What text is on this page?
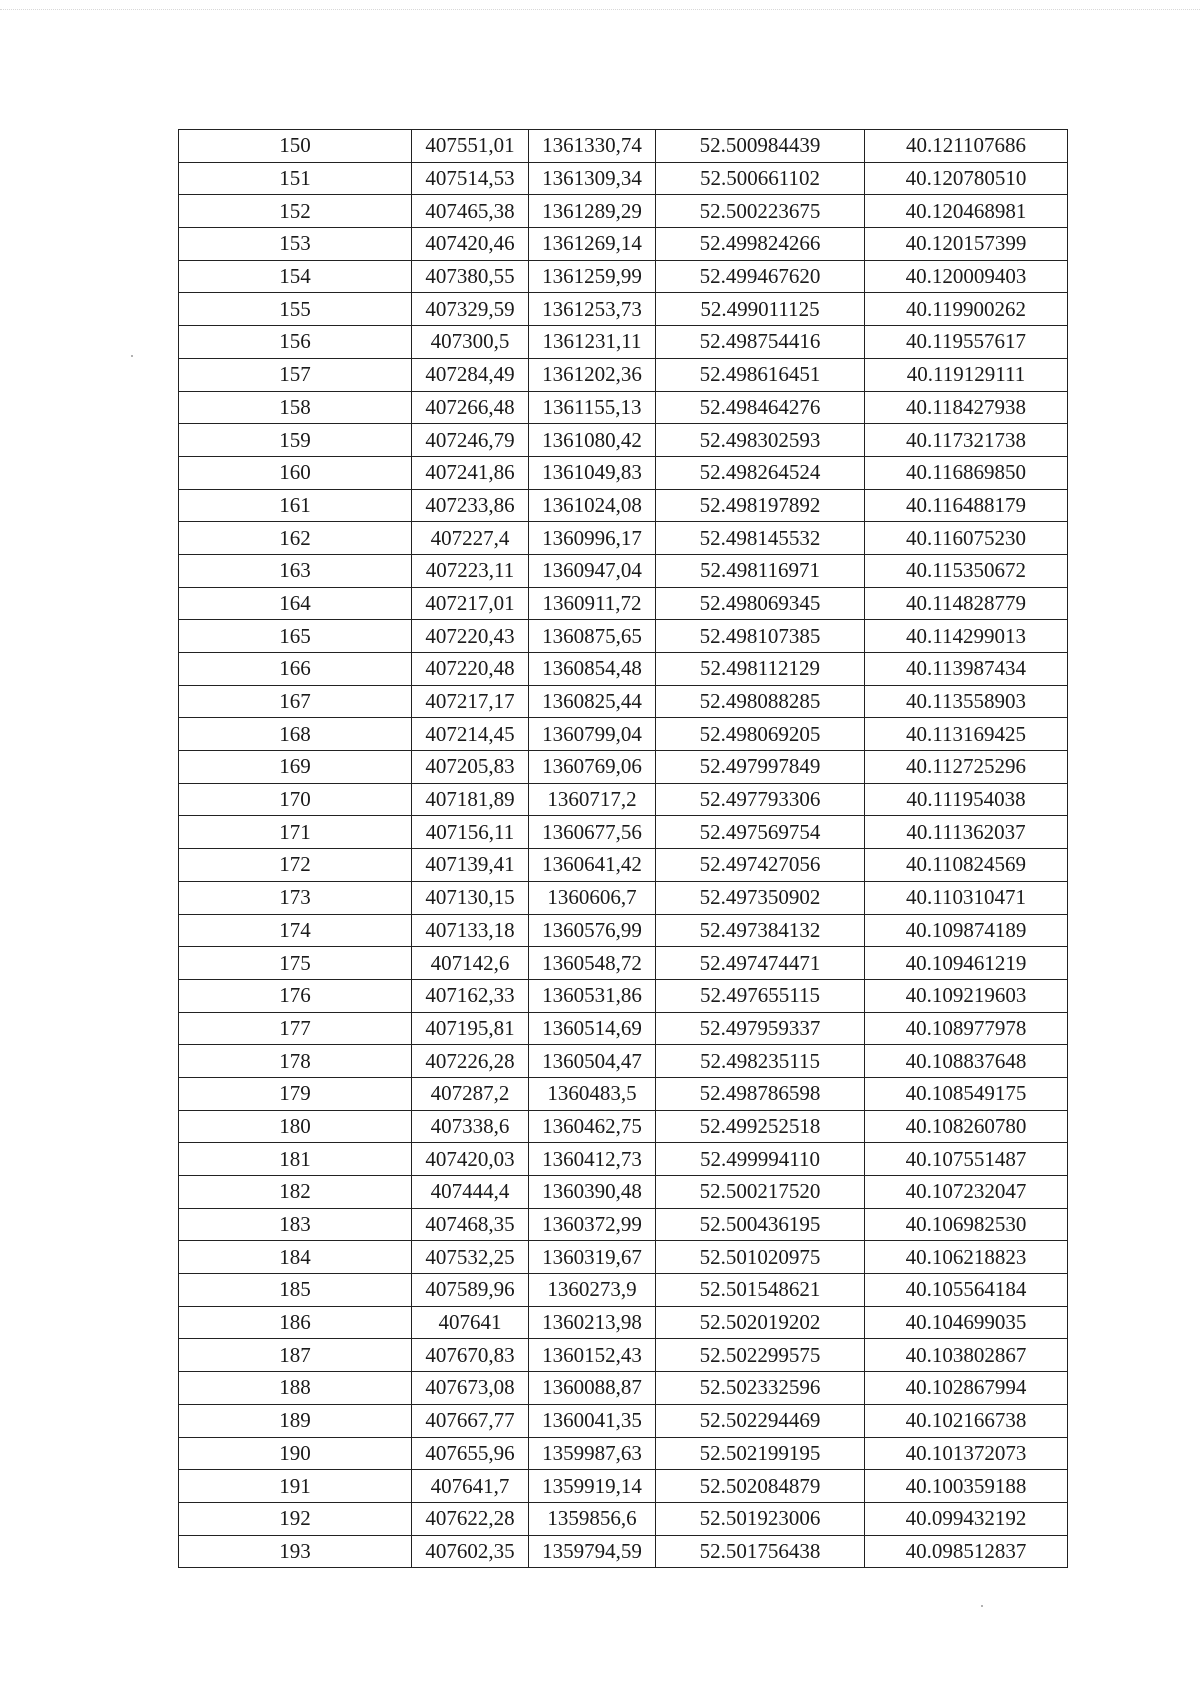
150	407551,01	1361330,74	52.500984439	40.121107686
151	407514,53	1361309,34	52.500661102	40.120780510
152	407465,38	1361289,29	52.500223675	40.120468981
153	407420,46	1361269,14	52.499824266	40.120157399
154	407380,55	1361259,99	52.499467620	40.120009403
155	407329,59	1361253,73	52.499011125	40.119900262
156	407300,5	1361231,11	52.498754416	40.119557617
157	407284,49	1361202,36	52.498616451	40.119129111
158	407266,48	1361155,13	52.498464276	40.118427938
159	407246,79	1361080,42	52.498302593	40.117321738
160	407241,86	1361049,83	52.498264524	40.116869850
161	407233,86	1361024,08	52.498197892	40.116488179
162	407227,4	1360996,17	52.498145532	40.116075230
163	407223,11	1360947,04	52.498116971	40.115350672
164	407217,01	1360911,72	52.498069345	40.114828779
165	407220,43	1360875,65	52.498107385	40.114299013
166	407220,48	1360854,48	52.498112129	40.113987434
167	407217,17	1360825,44	52.498088285	40.113558903
168	407214,45	1360799,04	52.498069205	40.113169425
169	407205,83	1360769,06	52.497997849	40.112725296
170	407181,89	1360717,2	52.497793306	40.111954038
171	407156,11	1360677,56	52.497569754	40.111362037
172	407139,41	1360641,42	52.497427056	40.110824569
173	407130,15	1360606,7	52.497350902	40.110310471
174	407133,18	1360576,99	52.497384132	40.109874189
175	407142,6	1360548,72	52.497474471	40.109461219
176	407162,33	1360531,86	52.497655115	40.109219603
177	407195,81	1360514,69	52.497959337	40.108977978
178	407226,28	1360504,47	52.498235115	40.108837648
179	407287,2	1360483,5	52.498786598	40.108549175
180	407338,6	1360462,75	52.499252518	40.108260780
181	407420,03	1360412,73	52.499994110	40.107551487
182	407444,4	1360390,48	52.500217520	40.107232047
183	407468,35	1360372,99	52.500436195	40.106982530
184	407532,25	1360319,67	52.501020975	40.106218823
185	407589,96	1360273,9	52.501548621	40.105564184
186	407641	1360213,98	52.502019202	40.104699035
187	407670,83	1360152,43	52.502299575	40.103802867
188	407673,08	1360088,87	52.502332596	40.102867994
189	407667,77	1360041,35	52.502294469	40.102166738
190	407655,96	1359987,63	52.502199195	40.101372073
191	407641,7	1359919,14	52.502084879	40.100359188
192	407622,28	1359856,6	52.501923006	40.099432192
193	407602,35	1359794,59	52.501756438	40.098512837
